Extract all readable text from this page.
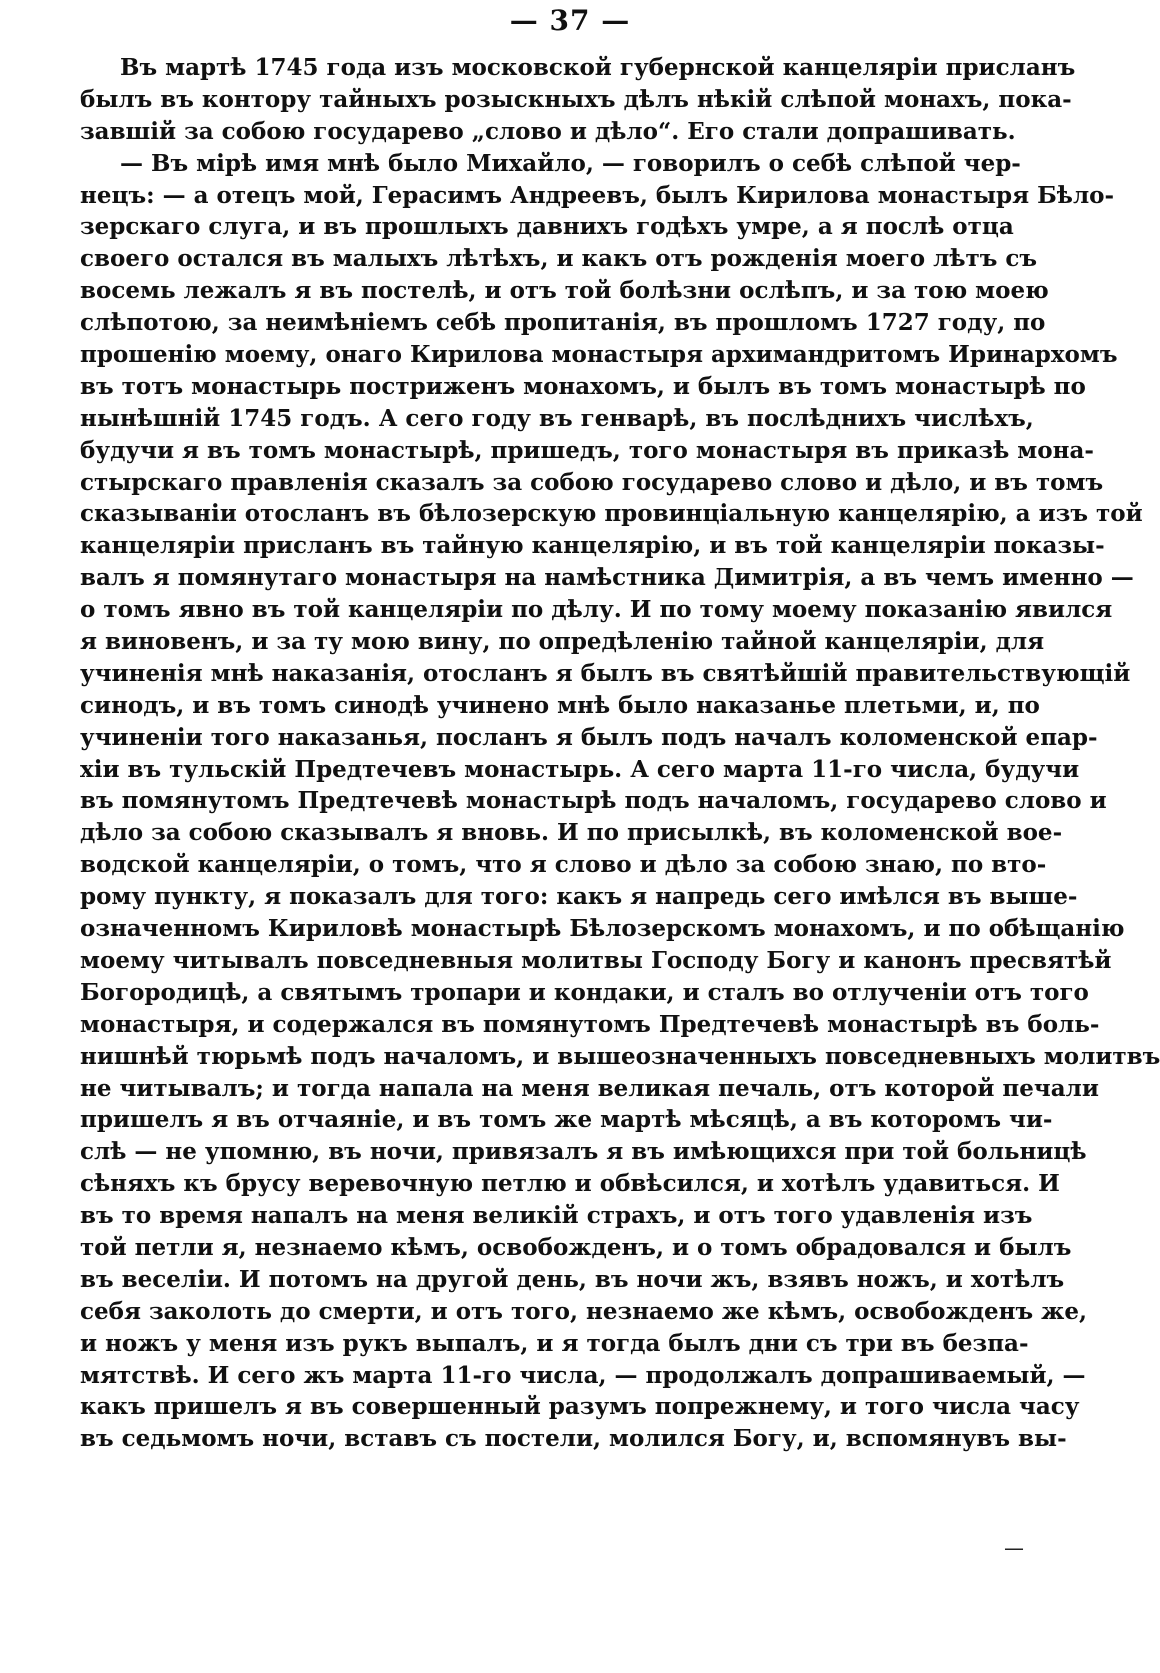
— 37 —
Въ мартѣ 1745 года изъ московской губернской канцеляріи присланъ
былъ въ контору тайныхъ розыскныхъ дѣлъ нѣкій слѣпой монахъ, пока-
завшій за собою государево „слово и дѣло“. Его стали допрашивать.
— Въ мірѣ имя мнѣ было Михайло, — говорилъ о себѣ слѣпой чер-
нецъ: — а отецъ мой, Герасимъ Андреевъ, былъ Кирилова монастыря Бѣло-
зерскаго слуга, и въ прошлыхъ давнихъ годѣхъ умре, а я послѣ отца
своего остался въ малыхъ лѣтѣхъ, и какъ отъ рожденія моего лѣтъ съ
восемь лежалъ я въ постелѣ, и отъ той болѣзни ослѣпъ, и за тою моею
слѣпотою, за неимѣніемъ себѣ пропитанія, въ прошломъ 1727 году, по
прошенію моему, онаго Кирилова монастыря архимандритомъ Иринархомъ
въ тотъ монастырь постриженъ монахомъ, и былъ въ томъ монастырѣ по
нынѣшній 1745 годъ. А сего году въ генварѣ, въ послѣднихъ числѣхъ,
будучи я въ томъ монастырѣ, пришедъ, того монастыря въ приказѣ мона-
стырскаго правленія сказалъ за собою государево слово и дѣло, и въ томъ
сказываніи отосланъ въ бѣлозерскую провинціальную канцелярію, а изъ той
канцеляріи присланъ въ тайную канцелярію, и въ той канцеляріи показы-
валъ я помянутаго монастыря на намѣстника Димитрія, а въ чемъ именно —
о томъ явно въ той канцеляріи по дѣлу. И по тому моему показанію явился
я виновенъ, и за ту мою вину, по опредѣленію тайной канцеляріи, для
учиненія мнѣ наказанія, отосланъ я былъ въ святѣйшій правительствующій
синодъ, и въ томъ синодѣ учинено мнѣ было наказанье плетьми, и, по
учиненіи того наказанья, посланъ я былъ подъ началъ коломенской епар-
хіи въ тульскій Предтечевъ монастырь. А сего марта 11-го числа, будучи
въ помянутомъ Предтечевѣ монастырѣ подъ началомъ, государево слово и
дѣло за собою сказывалъ я вновь. И по присылкѣ, въ коломенской вое-
водской канцеляріи, о томъ, что я слово и дѣло за собою знаю, по вто-
рому пункту, я показалъ для того: какъ я напредь сего имѣлся въ выше-
означенномъ Кириловѣ монастырѣ Бѣлозерскомъ монахомъ, и по обѣщанію
моему читывалъ повседневныя молитвы Господу Богу и канонъ пресвятѣй
Богородицѣ, а святымъ тропари и кондаки, и сталъ во отлученіи отъ того
монастыря, и содержался въ помянутомъ Предтечевѣ монастырѣ въ боль-
нишнѣй тюрьмѣ подъ началомъ, и вышеозначенныхъ повседневныхъ молитвъ
не читывалъ; и тогда напала на меня великая печаль, отъ которой печали
пришелъ я въ отчаяніе, и въ томъ же мартѣ мѣсяцѣ, а въ которомъ чи-
слѣ — не упомню, въ ночи, привязалъ я въ имѣющихся при той больницѣ
сѣняхъ къ брусу веревочную петлю и обвѣсился, и хотѣлъ удавиться. И
въ то время напалъ на меня великій страхъ, и отъ того удавленія изъ
той петли я, незнаемо кѣмъ, освобожденъ, и о томъ обрадовался и былъ
въ веселіи. И потомъ на другой день, въ ночи жъ, взявъ ножъ, и хотѣлъ
себя заколоть до смерти, и отъ того, незнаемо же кѣмъ, освобожденъ же,
и ножъ у меня изъ рукъ выпалъ, и я тогда былъ дни съ три въ безпа-
мятствѣ. И сего жъ марта 11-го числа, — продолжалъ допрашиваемый, —
какъ пришелъ я въ совершенный разумъ попрежнему, и того числа часу
въ седьмомъ ночи, вставъ съ постели, молился Богу, и, вспомянувъ вы-
—
